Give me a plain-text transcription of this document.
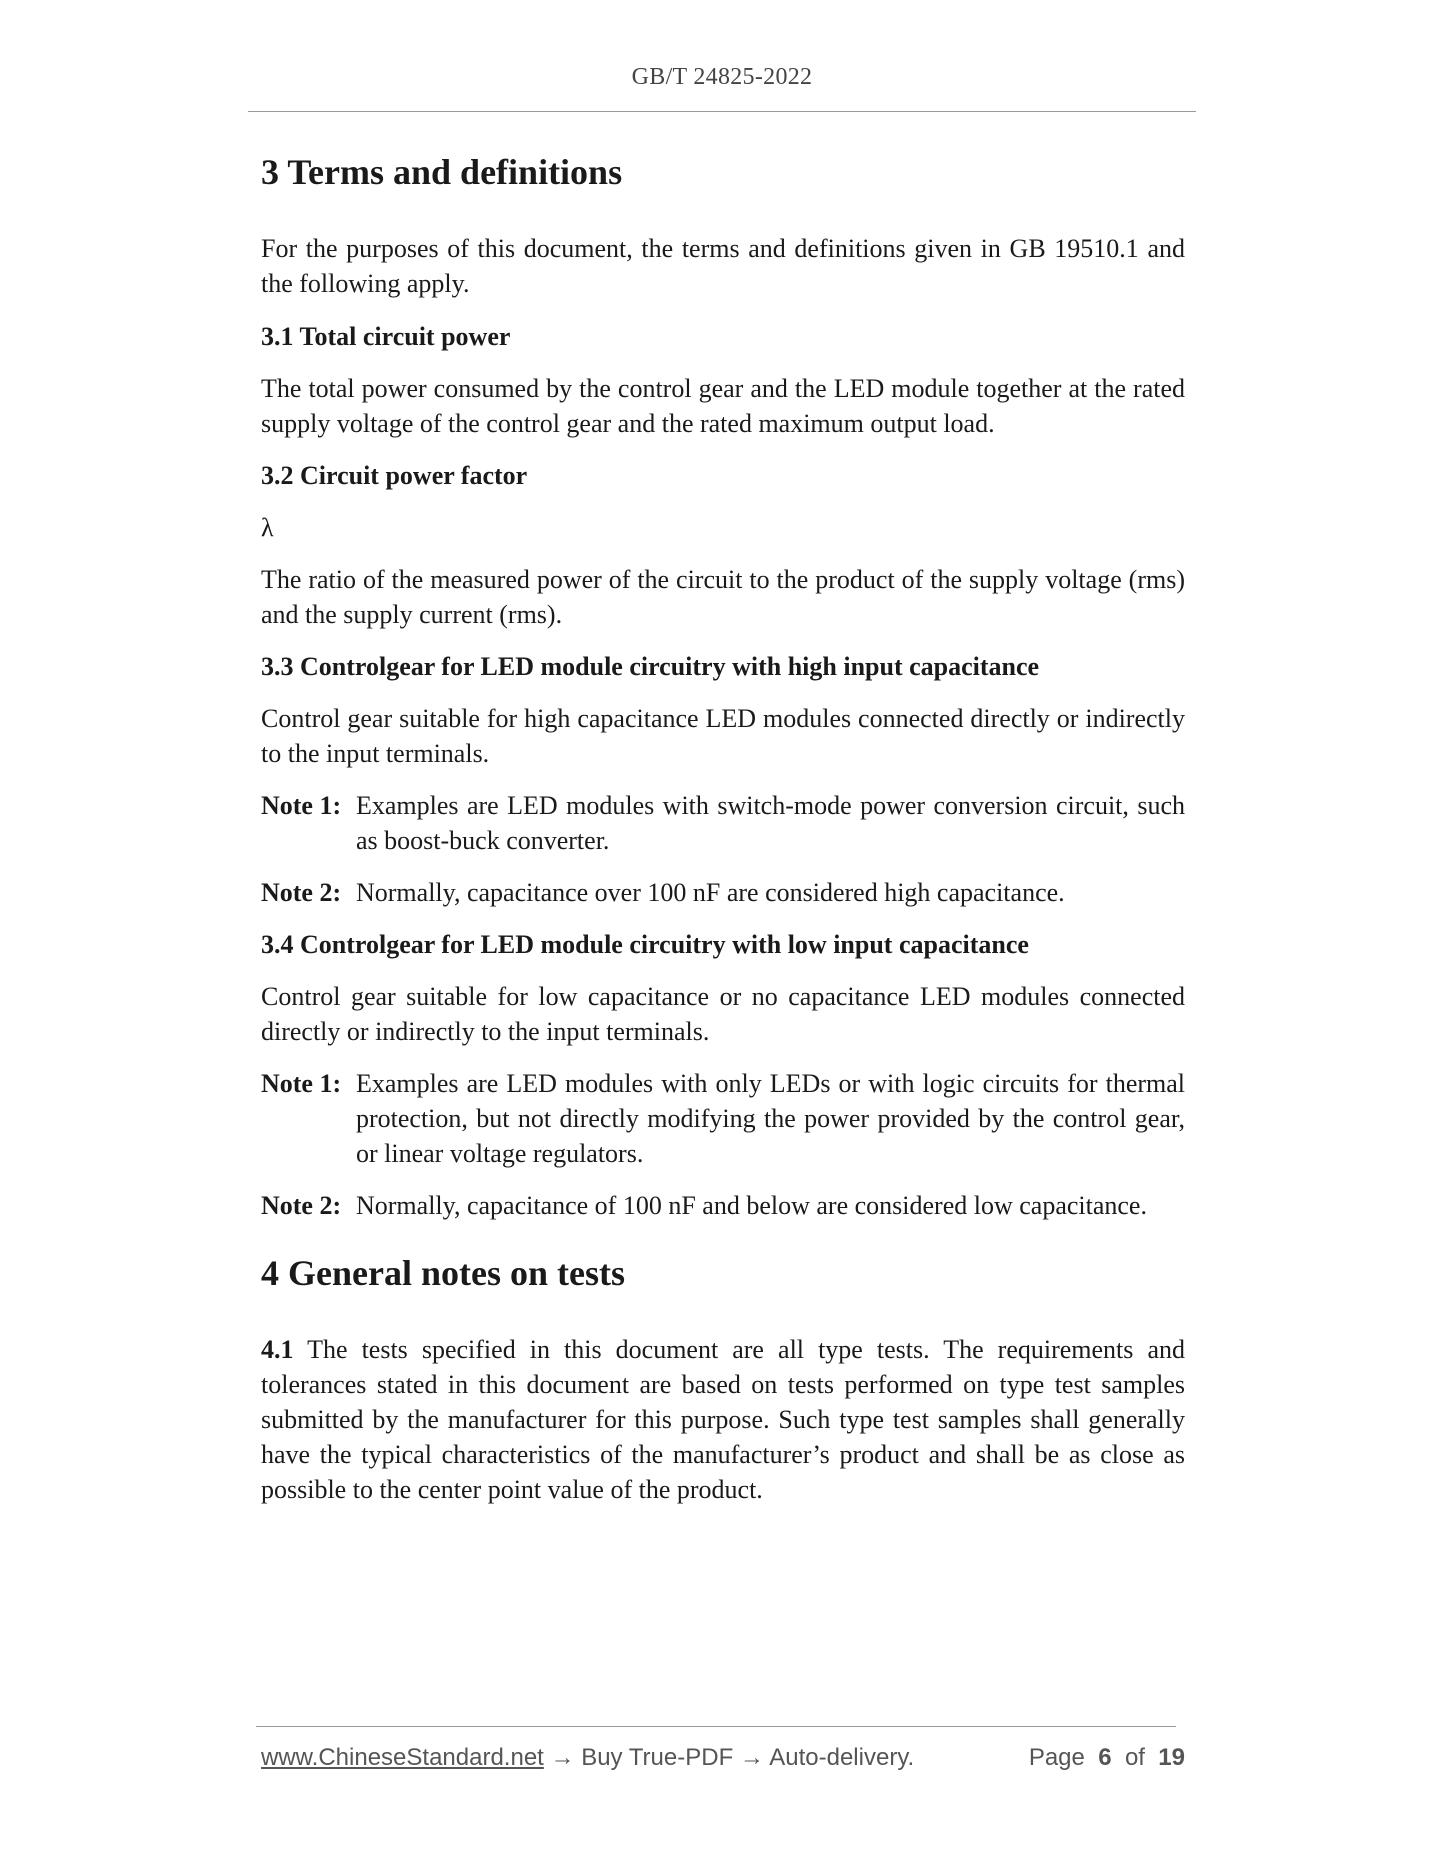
GB/T 24825-2022
3 Terms and definitions

For the purposes of this document, the terms and definitions given in GB 19510.1 and the following apply.

3.1 Total circuit power

The total power consumed by the control gear and the LED module together at the rated supply voltage of the control gear and the rated maximum output load.

3.2 Circuit power factor

λ

The ratio of the measured power of the circuit to the product of the supply voltage (rms) and the supply current (rms).

3.3 Controlgear for LED module circuitry with high input capacitance

Control gear suitable for high capacitance LED modules connected directly or indirectly to the input terminals.

Note 1: Examples are LED modules with switch-mode power conversion circuit, such as boost-buck converter.
Note 2: Normally, capacitance over 100 nF are considered high capacitance.
3.4 Controlgear for LED module circuitry with low input capacitance

Control gear suitable for low capacitance or no capacitance LED modules connected directly or indirectly to the input terminals.

Note 1: Examples are LED modules with only LEDs or with logic circuits for thermal protection, but not directly modifying the power provided by the control gear, or linear voltage regulators.
Note 2: Normally, capacitance of 100 nF and below are considered low capacitance.
4 General notes on tests

4.1 The tests specified in this document are all type tests. The requirements and tolerances stated in this document are based on tests performed on type test samples submitted by the manufacturer for this purpose. Such type test samples shall generally have the typical characteristics of the manufacturer’s product and shall be as close as possible to the center point value of the product.

www.ChineseStandard.net → Buy True-PDF → Auto-delivery.	Page 6 of 19
